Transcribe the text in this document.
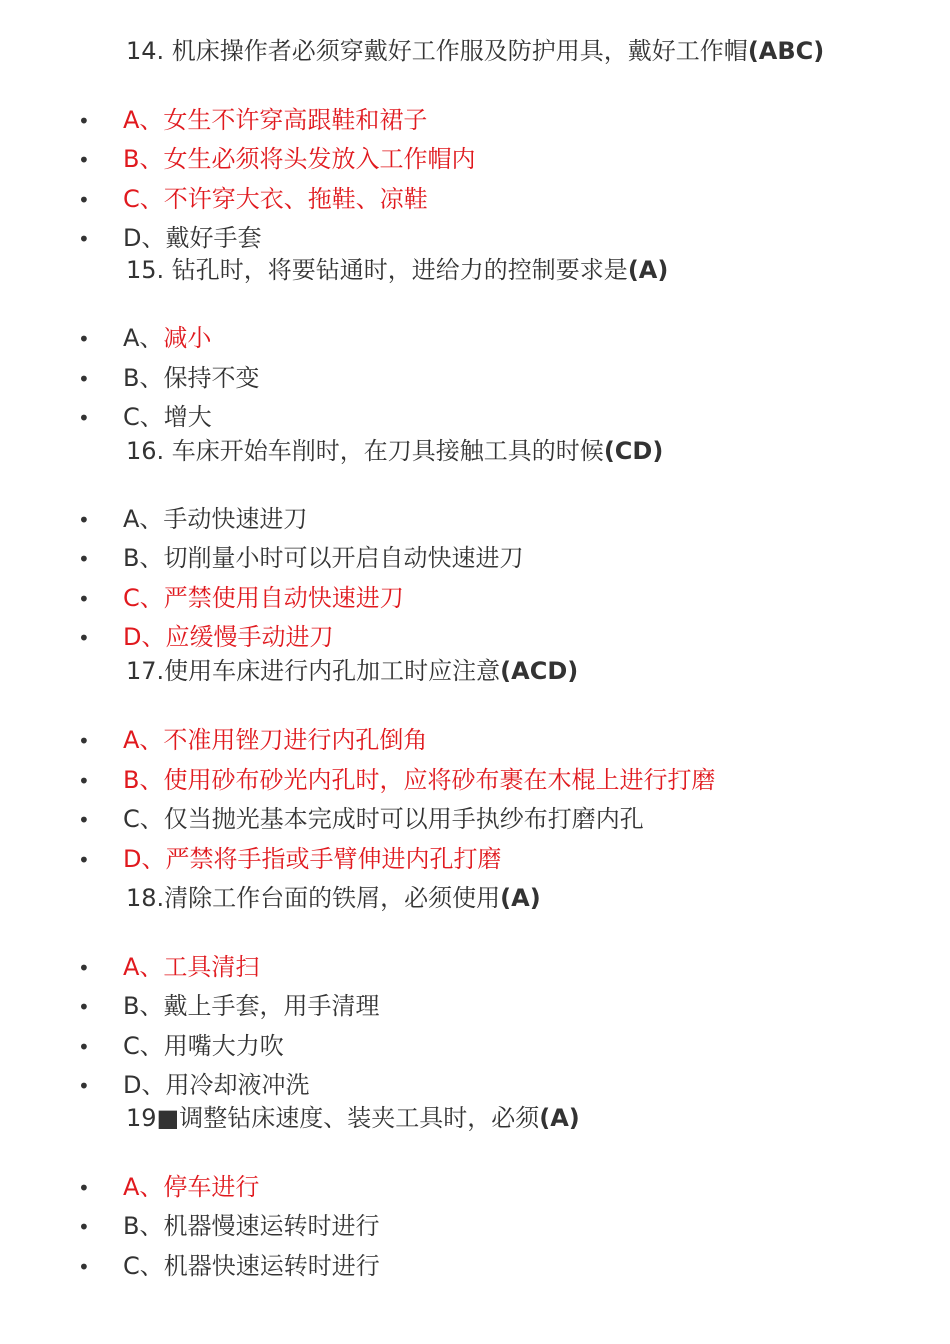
14. 机床操作者必须穿戴好工作服及防护用具，戴好工作帽(ABC)
• A、女生不许穿高跟鞋和裙子
• B、女生必须将头发放入工作帽内
• C、不许穿大衣、拖鞋、凉鞋
• D、戴好手套
15. 钻孔时，将要钻通时，进给力的控制要求是(A)
• A、减小
• B、保持不变
• C、增大
16. 车床开始车削时，在刀具接触工具的时候(CD)
• A、手动快速进刀
• B、切削量小时可以开启自动快速进刀
• C、严禁使用自动快速进刀
• D、应缓慢手动进刀
17.使用车床进行内孔加工时应注意(ACD)
• A、不准用锉刀进行内孔倒角
• B、使用砂布砂光内孔时，应将砂布裹在木棍上进行打磨
• C、仅当抛光基本完成时可以用手执纱布打磨内孔
• D、严禁将手指或手臂伸进内孔打磨
18.清除工作台面的铁屑，必须使用(A)
• A、工具清扫
• B、戴上手套，用手清理
• C、用嘴大力吹
• D、用冷却液冲洗
19■调整钻床速度、装夹工具时，必须(A)
• A、停车进行
• B、机器慢速运转时进行
• C、机器快速运转时进行
